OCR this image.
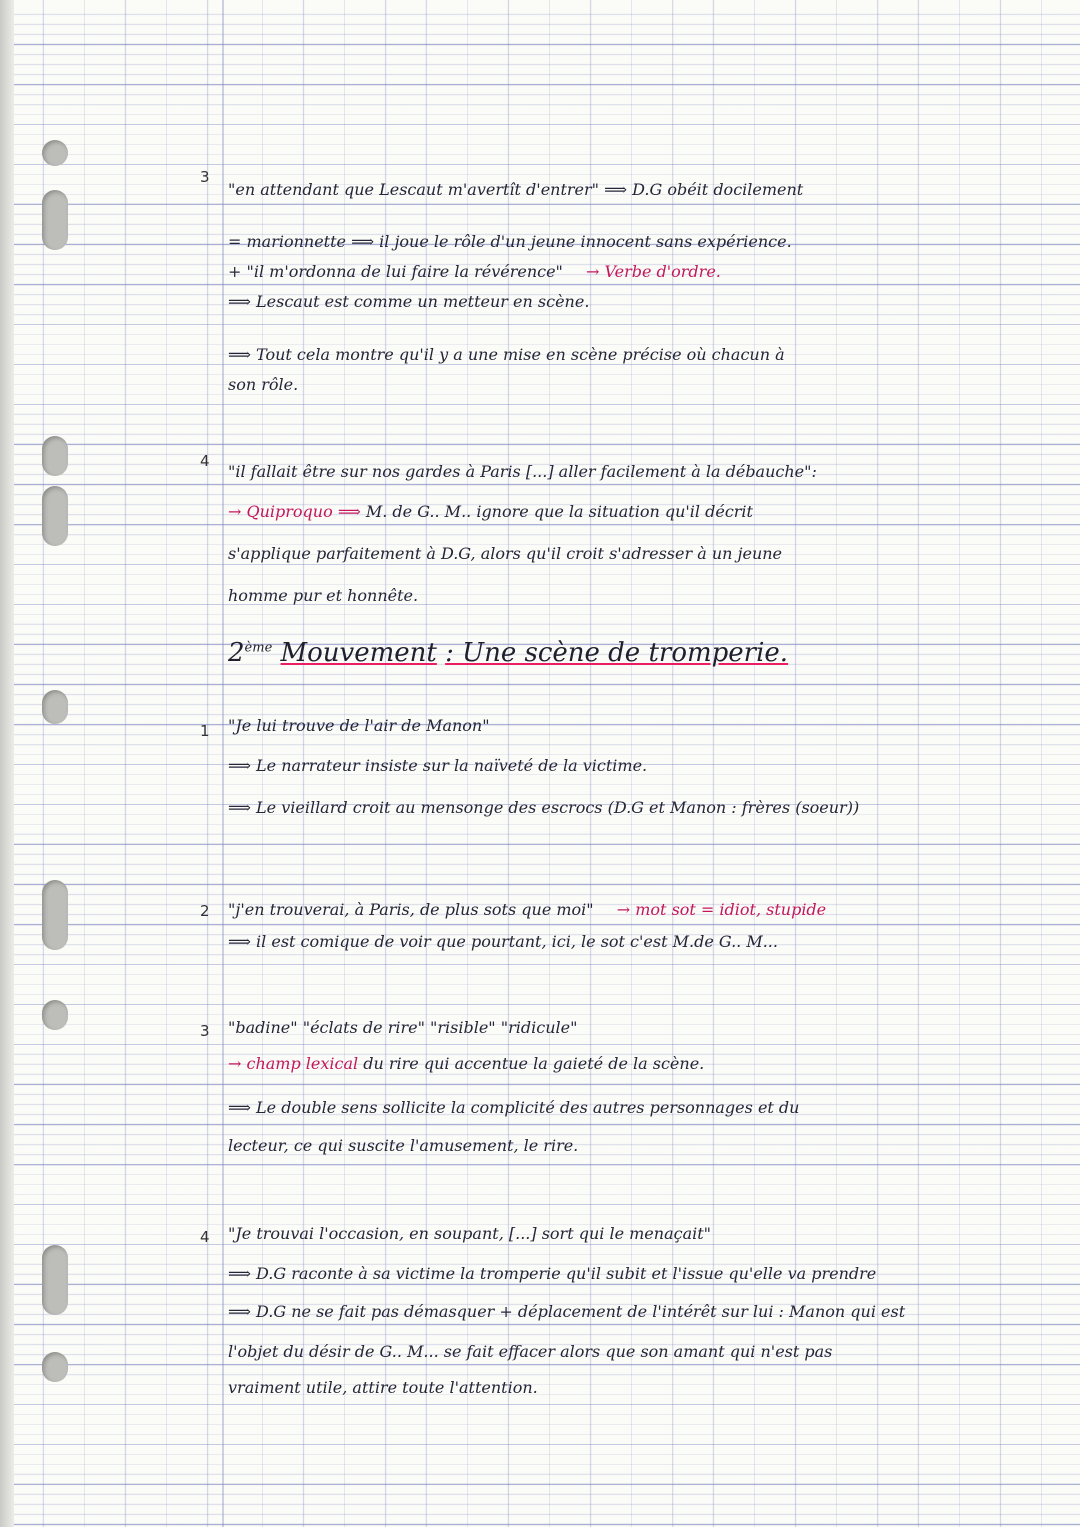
3
"en attendant que Lescaut m'avertît d'entrer" ⟹ D.G obéit docilement
= marionnette ⟹ il joue le rôle d'un jeune innocent sans expérience.
+ "il m'ordonna de lui faire la révérence" → Verbe d'ordre.
⟹ Lescaut est comme un metteur en scène.
⟹ Tout cela montre qu'il y a une mise en scène précise où chacun à
son rôle.
4
"il fallait être sur nos gardes à Paris [...] aller facilement à la débauche":
→ Quiproquo ⟹ M. de G.. M.. ignore que la situation qu'il décrit
s'applique parfaitement à D.G, alors qu'il croit s'adresser à un jeune
homme pur et honnête.
2ème Mouvement : Une scène de tromperie.
1 "Je lui trouve de l'air de Manon"
⟹ Le narrateur insiste sur la naïveté de la victime.
⟹ Le vieillard croit au mensonge des escrocs (D.G et Manon : frères (soeur))
2 "j'en trouverai, à Paris, de plus sots que moi" → mot sot = idiot, stupide
⟹ il est comique de voir que pourtant, ici, le sot c'est M.de G.. M...
3 "badine" "éclats de rire" "risible" "ridicule"
→ champ lexical du rire qui accentue la gaieté de la scène.
⟹ Le double sens sollicite la complicité des autres personnages et du
lecteur, ce qui suscite l'amusement, le rire.
4 "Je trouvai l'occasion, en soupant, [...] sort qui le menaçait"
⟹ D.G raconte à sa victime la tromperie qu'il subit et l'issue qu'elle va prendre
⟹ D.G ne se fait pas démasquer + déplacement de l'intérêt sur lui : Manon qui est
l'objet du désir de G.. M... se fait effacer alors que son amant qui n'est pas
vraiment utile, attire toute l'attention.
